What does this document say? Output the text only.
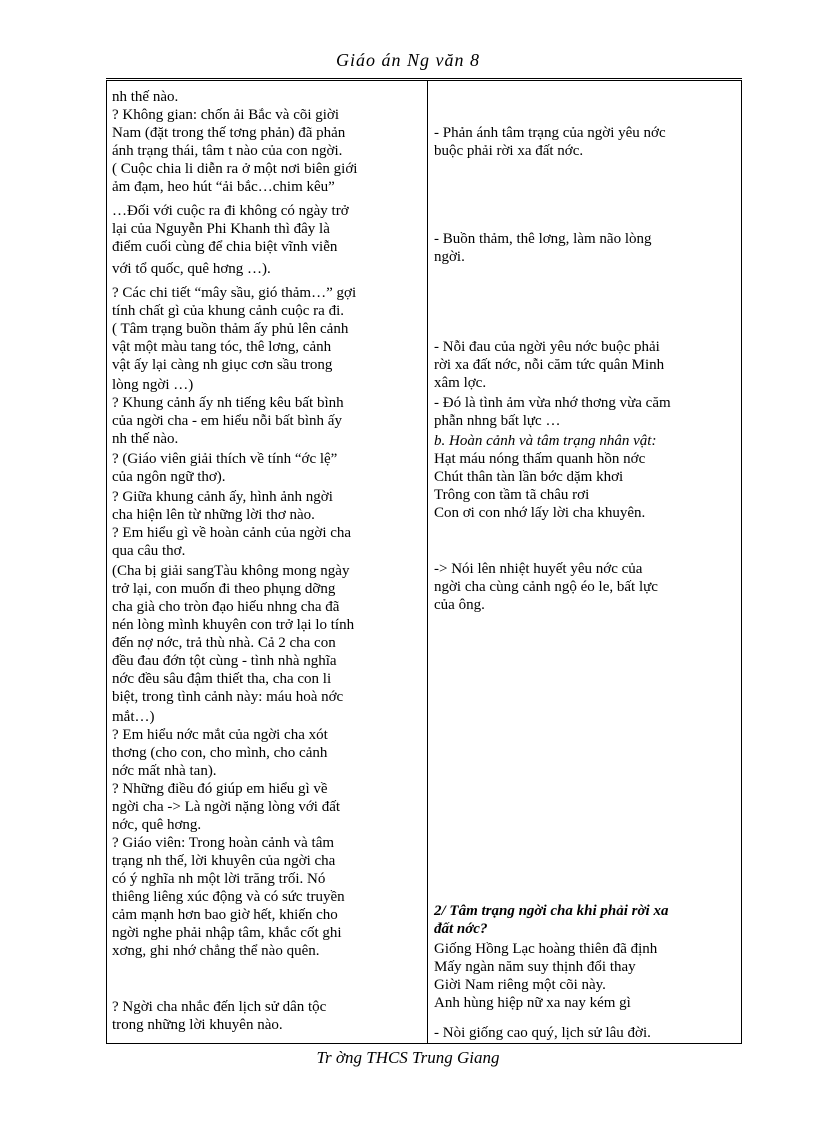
Giáo án Ng văn 8
nh thế nào.
? Không gian: chốn ải Bắc và cõi giời
Nam (đặt trong thế tơng phản) đã phản
ánh trạng thái, tâm t nào của con ngời.
( Cuộc chia li diễn ra ở một nơi biên giới
ảm đạm, heo hút “ải bắc…chim kêu”
…Đối với cuộc ra đi không có ngày trở
lại của Nguyễn Phi Khanh thì đây là
điểm cuối cùng để chia biệt vĩnh viễn
với tổ quốc, quê hơng …).
? Các chi tiết “mây sầu, gió thảm…” gợi
tính chất gì của khung cảnh cuộc ra đi.
( Tâm trạng buồn thảm ấy phủ lên cảnh
vật một màu tang tóc, thê lơng, cảnh
vật ấy lại càng nh giục cơn sầu trong
lòng ngời …)
? Khung cảnh ấy nh tiếng kêu bất bình
của ngời cha - em hiểu nỗi bất bình ấy
nh thế nào.
? (Giáo viên giải thích về tính “ớc lệ”
của ngôn ngữ thơ).
? Giữa khung cảnh ấy, hình ảnh ngời
cha hiện lên từ những lời thơ nào.
? Em hiểu gì về hoàn cảnh của ngời cha
qua câu thơ.
(Cha bị giải sangTàu không mong ngày
trở lại, con muốn đi theo phụng dỡng
cha già cho tròn đạo hiếu nhng cha đã
nén lòng mình khuyên con trở lại lo tính
đến nợ nớc, trả thù nhà. Cả 2 cha con
đều đau đớn tột cùng - tình nhà nghĩa
nớc đều sâu đậm thiết tha, cha con li
biệt, trong tình cảnh này: máu hoà nớc
mắt…)
? Em hiểu nớc mắt của ngời cha xót
thơng (cho con, cho mình, cho cảnh
nớc mất nhà tan).
? Những điều đó giúp em hiểu gì về
ngời cha -> Là ngời nặng lòng với đất
nớc, quê hơng.
? Giáo viên: Trong hoàn cảnh và tâm
trạng nh thế, lời khuyên của ngời cha
có ý nghĩa nh một lời trăng trối. Nó
thiêng liêng xúc động và có sức truyền
cảm mạnh hơn bao giờ hết, khiến cho
ngời nghe phải nhập tâm, khắc cốt ghi
xơng, ghi nhớ chẳng thể nào quên.
? Ngời cha nhắc đến lịch sử dân tộc
trong những lời khuyên nào.
- Phản ánh tâm trạng của ngời yêu nớc
buộc phải rời xa đất nớc.
- Buồn thảm, thê lơng, làm não lòng
ngời.
- Nỗi đau của ngời yêu nớc buộc phải
rời xa đất nớc, nỗi căm tức quân Minh
xâm lợc.
- Đó là tình ảm vừa nhớ thơng vừa căm
phẫn nhng bất lực …
b. Hoàn cảnh và tâm trạng nhân vật:
Hạt máu nóng thấm quanh hồn nớc
Chút thân tàn lần bớc dặm khơi
Trông con tầm tã châu rơi
Con ơi con nhớ lấy lời cha khuyên.
-> Nói lên nhiệt huyết yêu nớc của
ngời cha cùng cảnh ngộ éo le, bất lực
của ông.
2/ Tâm trạng ngời cha khi phải rời xa
đất nớc?
Giống Hồng Lạc hoàng thiên đã định
Mấy ngàn năm suy thịnh đổi thay
Giời Nam riêng một cõi này.
Anh hùng hiệp nữ xa nay kém gì
- Nòi giống cao quý, lịch sử lâu đời.
Tr ờng THCS Trung Giang
